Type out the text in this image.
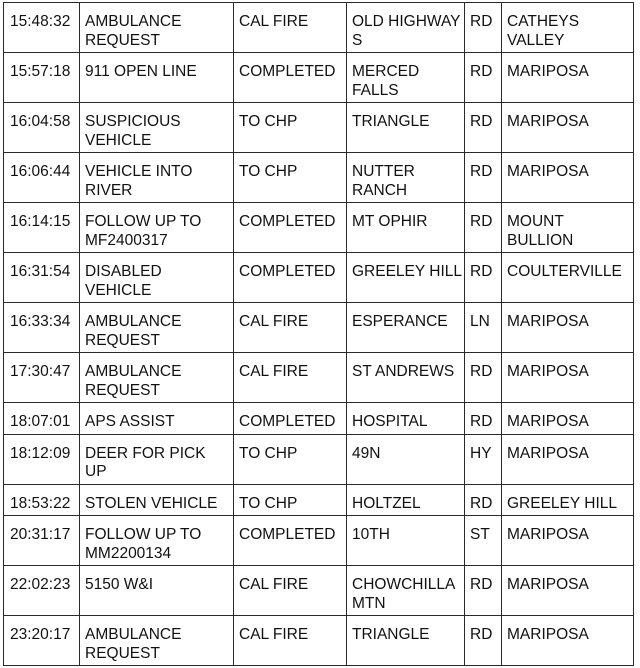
15:48:32	AMBULANCE REQUEST	CAL FIRE	OLD HIGHWAY S	RD	CATHEYS VALLEY
15:57:18	911 OPEN LINE	COMPLETED	MERCED FALLS	RD	MARIPOSA
16:04:58	SUSPICIOUS VEHICLE	TO CHP	TRIANGLE	RD	MARIPOSA
16:06:44	VEHICLE INTO RIVER	TO CHP	NUTTER RANCH	RD	MARIPOSA
16:14:15	FOLLOW UP TO MF2400317	COMPLETED	MT OPHIR	RD	MOUNT BULLION
16:31:54	DISABLED VEHICLE	COMPLETED	GREELEY HILL	RD	COULTERVILLE
16:33:34	AMBULANCE REQUEST	CAL FIRE	ESPERANCE	LN	MARIPOSA
17:30:47	AMBULANCE REQUEST	CAL FIRE	ST ANDREWS	RD	MARIPOSA
18:07:01	APS ASSIST	COMPLETED	HOSPITAL	RD	MARIPOSA
18:12:09	DEER FOR PICK UP	TO CHP	49N	HY	MARIPOSA
18:53:22	STOLEN VEHICLE	TO CHP	HOLTZEL	RD	GREELEY HILL
20:31:17	FOLLOW UP TO MM2200134	COMPLETED	10TH	ST	MARIPOSA
22:02:23	5150 W&I	CAL FIRE	CHOWCHILLA MTN	RD	MARIPOSA
23:20:17	AMBULANCE REQUEST	CAL FIRE	TRIANGLE	RD	MARIPOSA
